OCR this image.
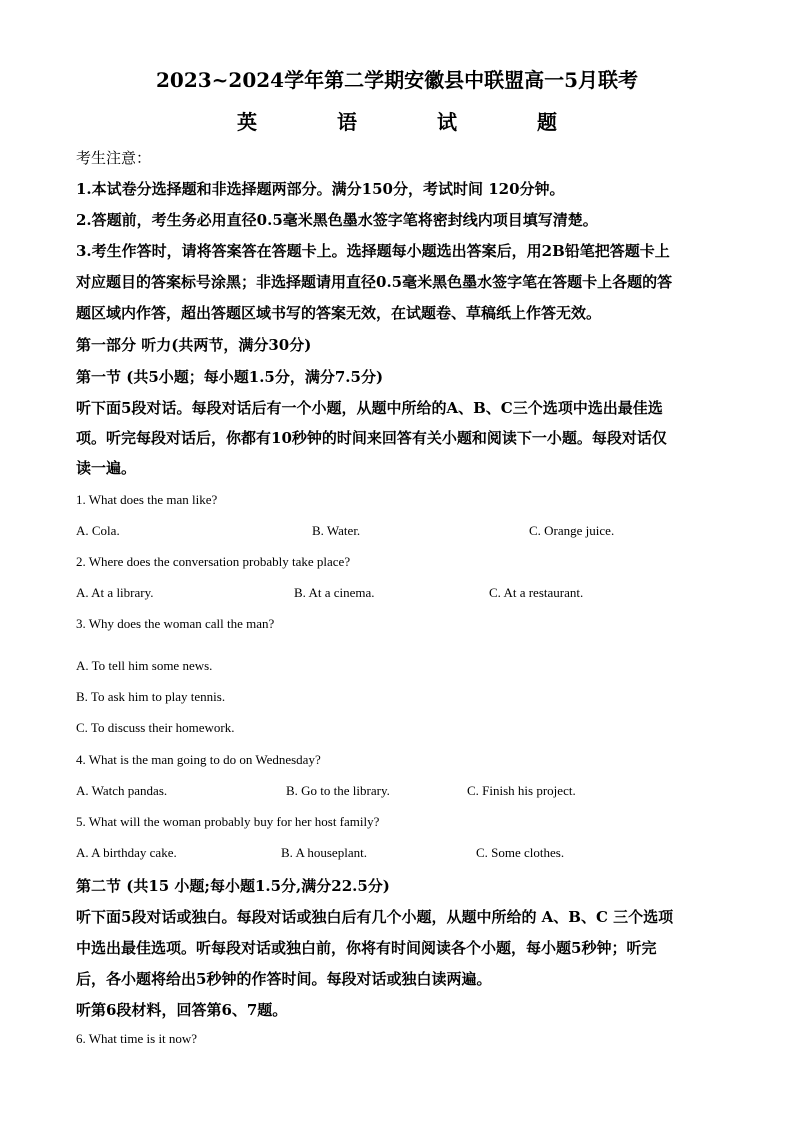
2023~2024学年第二学期安徽县中联盟高一5月联考
英	语	试	题
考生注意：
1.本试卷分选择题和非选择题两部分。满分150分，考试时间 120分钟。
2.答题前，考生务必用直径0.5毫米黑色墨水签字笔将密封线内项目填写清楚。
3.考生作答时，请将答案答在答题卡上。选择题每小题选出答案后，用2B铅笔把答题卡上
对应题目的答案标号涂黑；非选择题请用直径0.5毫米黑色墨水签字笔在答题卡上各题的答
题区域内作答，超出答题区域书写的答案无效，在试题卷、草稿纸上作答无效。
第一部分 听力(共两节，满分30分)
第一节 (共5小题；每小题1.5分，满分7.5分)
听下面5段对话。每段对话后有一个小题，从题中所给的A、B、C三个选项中选出最佳选
项。听完每段对话后，你都有10秒钟的时间来回答有关小题和阅读下一小题。每段对话仅
读一遍。
1. What does the man like?
A. Cola.	B. Water.	C. Orange juice.
2. Where does the conversation probably take place?
A. At a library.	B. At a cinema.	C. At a restaurant.
3. Why does the woman call the man?
A. To tell him some news.
B. To ask him to play tennis.
C. To discuss their homework.
4. What is the man going to do on Wednesday?
A. Watch pandas.	B. Go to the library.	C. Finish his project.
5. What will the woman probably buy for her host family?
A. A birthday cake.	B. A houseplant.	C. Some clothes.
第二节 (共15 小题;每小题1.5分,满分22.5分)
听下面5段对话或独白。每段对话或独白后有几个小题，从题中所给的 A、B、C 三个选项
中选出最佳选项。听每段对话或独白前，你将有时间阅读各个小题，每小题5秒钟；听完
后，各小题将给出5秒钟的作答时间。每段对话或独白读两遍。
听第6段材料，回答第6、7题。
6. What time is it now?
